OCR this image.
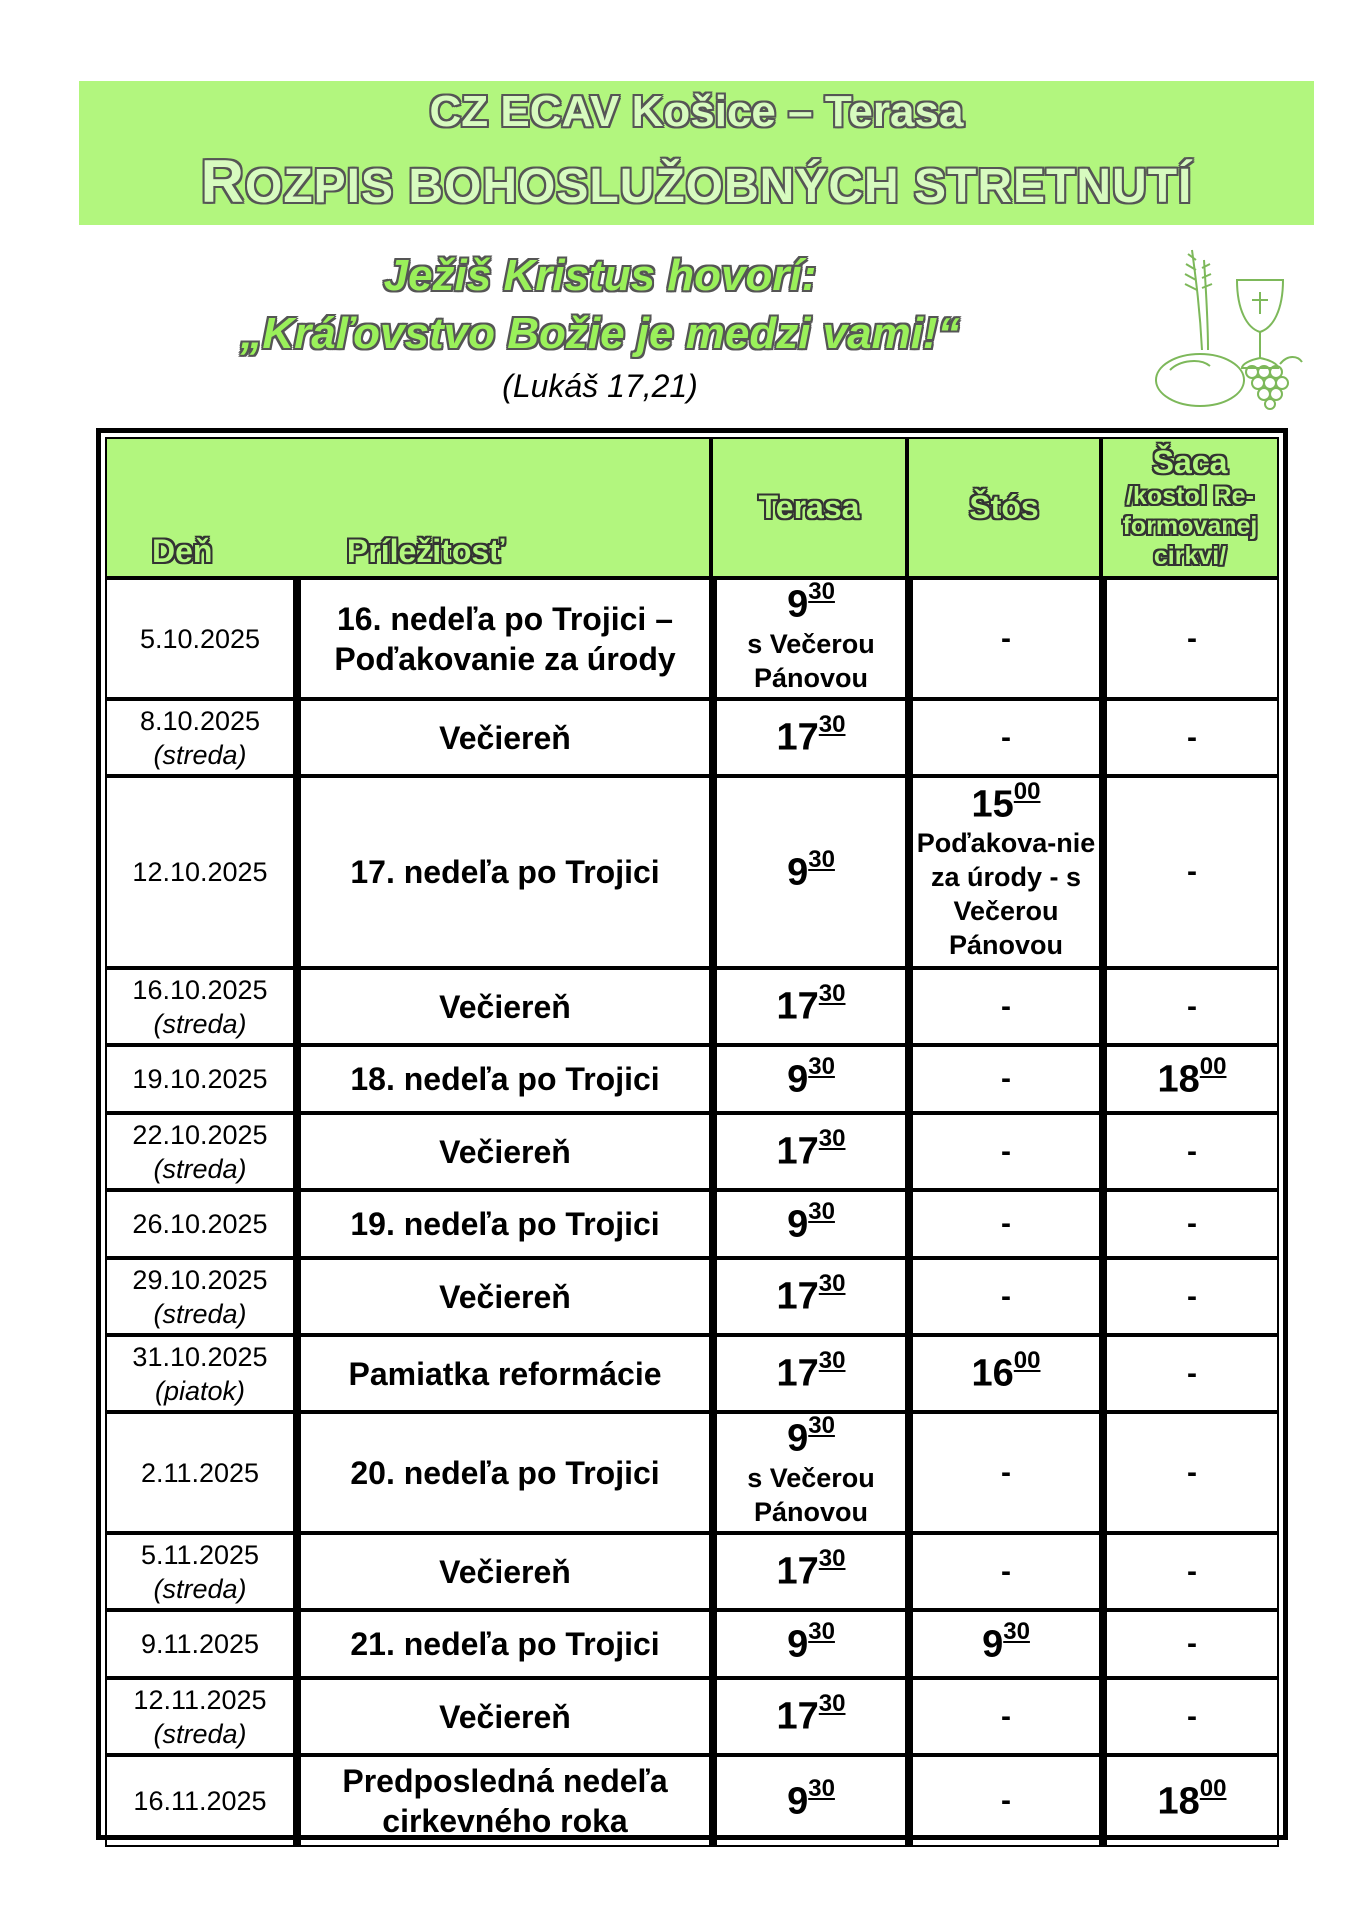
CZ ECAV Košice – Terasa
ROZPIS BOHOSLUŽOBNÝCH STRETNUTÍ
Ježiš Kristus hovorí:
„Kráľovstvo Božie je medzi vami!“
(Lukáš 17,21)
Deň Príležitosť		Terasa	Štós	Šaca
/kostol Re-formovanej cirkvi/

5.10.2025	16. nedeľa po Trojici – Poďakovanie za úrody	$9^{30}$
s Večerou Pánovou	-	-

8.10.2025
(streda)	Večiereň	$17^{30}$	-	-

12.10.2025	17. nedeľa po Trojici	$9^{30}$	$15^{00}$
Poďakova-nie za úrody - s Večerou Pánovou	-

16.10.2025
(streda)	Večiereň	$17^{30}$	-	-

19.10.2025	18. nedeľa po Trojici	$9^{30}$	-	$18^{00}$

22.10.2025
(streda)	Večiereň	$17^{30}$	-	-

26.10.2025	19. nedeľa po Trojici	$9^{30}$	-	-

29.10.2025
(streda)	Večiereň	$17^{30}$	-	-

31.10.2025
(piatok)	Pamiatka reformácie	$17^{30}$	$16^{00}$	-

2.11.2025	20. nedeľa po Trojici	$9^{30}$
s Večerou Pánovou	-	-

5.11.2025
(streda)	Večiereň	$17^{30}$	-	-

9.11.2025	21. nedeľa po Trojici	$9^{30}$	$9^{30}$	-

12.11.2025
(streda)	Večiereň	$17^{30}$	-	-

16.11.2025	Predposledná nedeľa cirkevného roka	$9^{30}$	-	$18^{00}$
